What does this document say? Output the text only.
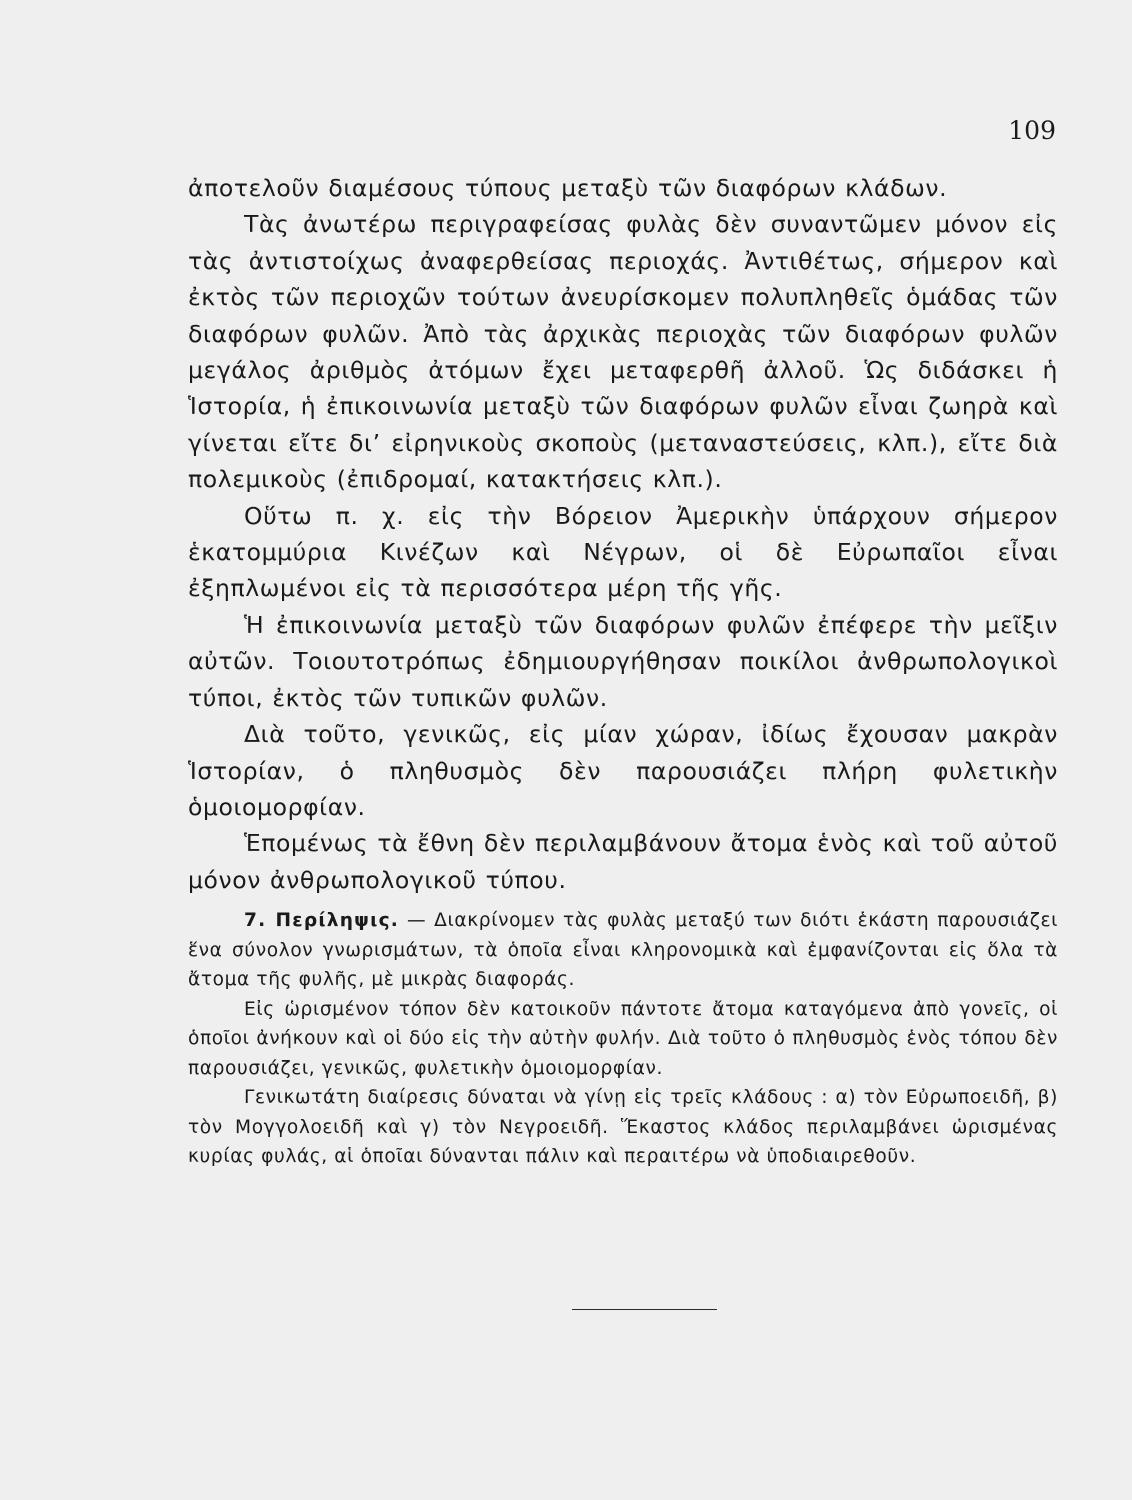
109

ἀποτελοῦν διαμέσους τύπους μεταξὺ τῶν διαφόρων κλάδων.

Τὰς ἀνωτέρω περιγραφείσας φυλὰς δὲν συναντῶμεν μόνον εἰς τὰς ἀντιστοίχως ἀναφερθείσας περιοχάς. Ἀντιθέτως, σήμερον καὶ ἐκτὸς τῶν περιοχῶν τούτων ἀνευρίσκομεν πολυπληθεῖς ὁμάδας τῶν διαφόρων φυλῶν. Ἀπὸ τὰς ἀρχικὰς περιοχὰς τῶν διαφόρων φυλῶν μεγάλος ἀριθμὸς ἀτόμων ἔχει μεταφερθῆ ἀλλοῦ. Ὡς διδάσκει ἡ Ἱστορία, ἡ ἐπικοινωνία μεταξὺ τῶν διαφόρων φυλῶν εἶναι ζωηρὰ καὶ γίνεται εἴτε δι’ εἰρηνικοὺς σκοποὺς (μεταναστεύσεις, κλπ.), εἴτε διὰ πολεμικοὺς (ἐπιδρομαί, κατακτήσεις κλπ.).

Οὕτω π. χ. εἰς τὴν Βόρειον Ἀμερικὴν ὑπάρχουν σήμερον ἑκατομμύρια Κινέζων καὶ Νέγρων, οἱ δὲ Εὐρωπαῖοι εἶναι ἐξηπλωμένοι εἰς τὰ περισσότερα μέρη τῆς γῆς.

Ἡ ἐπικοινωνία μεταξὺ τῶν διαφόρων φυλῶν ἐπέφερε τὴν μεῖξιν αὐτῶν. Τοιουτοτρόπως ἐδημιουργήθησαν ποικίλοι ἀνθρωπολογικοὶ τύποι, ἐκτὸς τῶν τυπικῶν φυλῶν.

Διὰ τοῦτο, γενικῶς, εἰς μίαν χώραν, ἰδίως ἔχουσαν μακρὰν Ἱστορίαν, ὁ πληθυσμὸς δὲν παρουσιάζει πλήρη φυλετικὴν ὁμοιομορφίαν.

Ἑπομένως τὰ ἔθνη δὲν περιλαμβάνουν ἄτομα ἑνὸς καὶ τοῦ αὐτοῦ μόνον ἀνθρωπολογικοῦ τύπου.

7. Περίληψις. — Διακρίνομεν τὰς φυλὰς μεταξύ των διότι ἑκάστη παρουσιάζει ἕνα σύνολον γνωρισμάτων, τὰ ὁποῖα εἶναι κληρονομικὰ καὶ ἐμφανίζονται εἰς ὅλα τὰ ἄτομα τῆς φυλῆς, μὲ μικρὰς διαφοράς.

Εἰς ὡρισμένον τόπον δὲν κατοικοῦν πάντοτε ἄτομα καταγόμενα ἀπὸ γονεῖς, οἱ ὁποῖοι ἀνήκουν καὶ οἱ δύο εἰς τὴν αὐτὴν φυλήν. Διὰ τοῦτο ὁ πληθυσμὸς ἑνὸς τόπου δὲν παρουσιάζει, γενικῶς, φυλετικὴν ὁμοιομορφίαν.

Γενικωτάτη διαίρεσις δύναται νὰ γίνῃ εἰς τρεῖς κλάδους : α) τὸν Εὐρωποειδῆ, β) τὸν Μογγολοειδῆ καὶ γ) τὸν Νεγροειδῆ. Ἕκαστος κλάδος περιλαμβάνει ὡρισμένας κυρίας φυλάς, αἱ ὁποῖαι δύνανται πάλιν καὶ περαιτέρω νὰ ὑποδιαιρεθοῦν.
